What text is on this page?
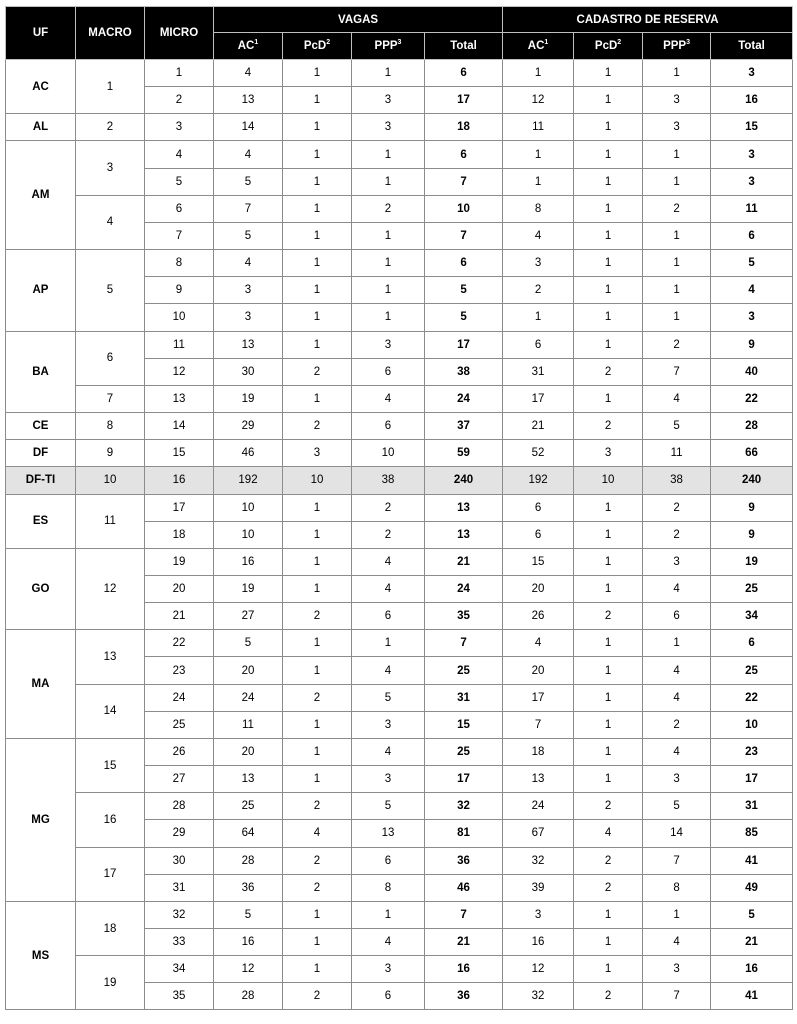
UF	MACRO	MICRO	VAGAS				CADASTRO DE RESERVA			
			$AC^1$	PcD$^2$	PPP$^3$	Total	$AC^1$	PcD$^2$	PPP$^3$	Total
AC	1	1	4	1	1	6	1	1	1	3
		2	13	1	3	17	12	1	3	16
AL	2	3	14	1	3	18	11	1	3	15
AM	3	4	4	1	1	6	1	1	1	3
		5	5	1	1	7	1	1	1	3
	4	6	7	1	2	10	8	1	2	11
		7	5	1	1	7	4	1	1	6
AP	5	8	4	1	1	6	3	1	1	5
		9	3	1	1	5	2	1	1	4
		10	3	1	1	5	1	1	1	3
BA	6	11	13	1	3	17	6	1	2	9
		12	30	2	6	38	31	2	7	40
	7	13	19	1	4	24	17	1	4	22
CE	8	14	29	2	6	37	21	2	5	28
DF	9	15	46	3	10	59	52	3	11	66
DF-TI	10	16	192	10	38	240	192	10	38	240
ES	11	17	10	1	2	13	6	1	2	9
		18	10	1	2	13	6	1	2	9
GO	12	19	16	1	4	21	15	1	3	19
		20	19	1	4	24	20	1	4	25
		21	27	2	6	35	26	2	6	34
MA	13	22	5	1	1	7	4	1	1	6
		23	20	1	4	25	20	1	4	25
	14	24	24	2	5	31	17	1	4	22
		25	11	1	3	15	7	1	2	10
MG	15	26	20	1	4	25	18	1	4	23
		27	13	1	3	17	13	1	3	17
	16	28	25	2	5	32	24	2	5	31
		29	64	4	13	81	67	4	14	85
	17	30	28	2	6	36	32	2	7	41
		31	36	2	8	46	39	2	8	49
MS	18	32	5	1	1	7	3	1	1	5
		33	16	1	4	21	16	1	4	21
	19	34	12	1	3	16	12	1	3	16
		35	28	2	6	36	32	2	7	41
